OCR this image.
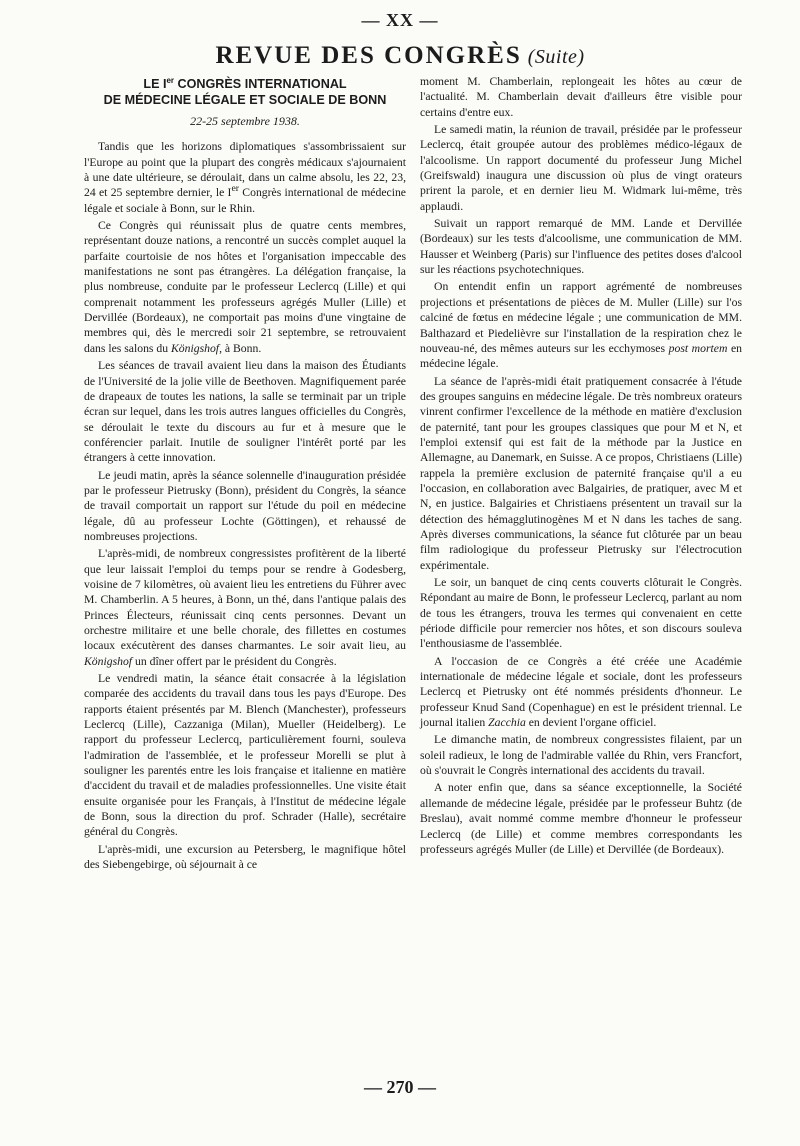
— XX —
REVUE DES CONGRÈS (Suite)
LE Ier CONGRÈS INTERNATIONAL
DE MÉDECINE LÉGALE ET SOCIALE DE BONN
22-25 septembre 1938.

Tandis que les horizons diplomatiques s'assombrissaient sur l'Europe au point que la plupart des congrès médicaux s'ajournaient à une date ultérieure, se déroulait, dans un calme absolu, les 22, 23, 24 et 25 septembre dernier, le Ier Congrès international de médecine légale et sociale à Bonn, sur le Rhin.

Ce Congrès qui réunissait plus de quatre cents membres, représentant douze nations, a rencontré un succès complet auquel la parfaite courtoisie de nos hôtes et l'organisation impeccable des manifestations ne sont pas étrangères. La délégation française, la plus nombreuse, conduite par le professeur Leclercq (Lille) et qui comprenait notamment les professeurs agrégés Muller (Lille) et Dervillée (Bordeaux), ne comportait pas moins d'une vingtaine de membres qui, dès le mercredi soir 21 septembre, se retrouvaient dans les salons du Königshof, à Bonn.

Les séances de travail avaient lieu dans la maison des Étudiants de l'Université de la jolie ville de Beethoven. Magnifiquement parée de drapeaux de toutes les nations, la salle se terminait par un triple écran sur lequel, dans les trois autres langues officielles du Congrès, se déroulait le texte du discours au fur et à mesure que le conférencier parlait. Inutile de souligner l'intérêt porté par les étrangers à cette innovation.

Le jeudi matin, après la séance solennelle d'inauguration présidée par le professeur Pietrusky (Bonn), président du Congrès, la séance de travail comportait un rapport sur l'étude du poil en médecine légale, dû au professeur Lochte (Göttingen), et rehaussé de nombreuses projections.

L'après-midi, de nombreux congressistes profitèrent de la liberté que leur laissait l'emploi du temps pour se rendre à Godesberg, voisine de 7 kilomètres, où avaient lieu les entretiens du Führer avec M. Chamberlin. A 5 heures, à Bonn, un thé, dans l'antique palais des Princes Électeurs, réunissait cinq cents personnes. Devant un orchestre militaire et une belle chorale, des fillettes en costumes locaux exécutèrent des danses charmantes. Le soir avait lieu, au Königshof un dîner offert par le président du Congrès.

Le vendredi matin, la séance était consacrée à la législation comparée des accidents du travail dans tous les pays d'Europe. Des rapports étaient présentés par M. Blench (Manchester), professeurs Leclercq (Lille), Cazzaniga (Milan), Mueller (Heidelberg). Le rapport du professeur Leclercq, particulièrement fourni, souleva l'admiration de l'assemblée, et le professeur Morelli se plut à souligner les parentés entre les lois française et italienne en matière d'accident du travail et de maladies professionnelles. Une visite était ensuite organisée pour les Français, à l'Institut de médecine légale de Bonn, sous la direction du prof. Schrader (Halle), secrétaire général du Congrès.

L'après-midi, une excursion au Petersberg, le magnifique hôtel des Siebengebirge, où séjournait à ce

moment M. Chamberlain, replongeait les hôtes au cœur de l'actualité. M. Chamberlain devait d'ailleurs être visible pour certains d'entre eux.

Le samedi matin, la réunion de travail, présidée par le professeur Leclercq, était groupée autour des problèmes médico-légaux de l'alcoolisme. Un rapport documenté du professeur Jung Michel (Greifswald) inaugura une discussion où plus de vingt orateurs prirent la parole, et en dernier lieu M. Widmark lui-même, très applaudi.

Suivait un rapport remarqué de MM. Lande et Dervillée (Bordeaux) sur les tests d'alcoolisme, une communication de MM. Hausser et Weinberg (Paris) sur l'influence des petites doses d'alcool sur les réactions psychotechniques.

On entendit enfin un rapport agrémenté de nombreuses projections et présentations de pièces de M. Muller (Lille) sur l'os calciné de fœtus en médecine légale ; une communication de MM. Balthazard et Piedelièvre sur l'installation de la respiration chez le nouveau-né, des mêmes auteurs sur les ecchymoses post mortem en médecine légale.

La séance de l'après-midi était pratiquement consacrée à l'étude des groupes sanguins en médecine légale. De très nombreux orateurs vinrent confirmer l'excellence de la méthode en matière d'exclusion de paternité, tant pour les groupes classiques que pour M et N, et l'emploi extensif qui est fait de la méthode par la Justice en Allemagne, au Danemark, en Suisse. A ce propos, Christiaens (Lille) rappela la première exclusion de paternité française qu'il a eu l'occasion, en collaboration avec Balgairies, de pratiquer, avec M et N, en justice. Balgairies et Christiaens présentent un travail sur la détection des hémagglutinogènes M et N dans les taches de sang. Après diverses communications, la séance fut clôturée par un beau film radiologique du professeur Pietrusky sur l'électrocution expérimentale.

Le soir, un banquet de cinq cents couverts clôturait le Congrès. Répondant au maire de Bonn, le professeur Leclercq, parlant au nom de tous les étrangers, trouva les termes qui convenaient en cette période difficile pour remercier nos hôtes, et son discours souleva l'enthousiasme de l'assemblée.

A l'occasion de ce Congrès a été créée une Académie internationale de médecine légale et sociale, dont les professeurs Leclercq et Pietrusky ont été nommés présidents d'honneur. Le professeur Knud Sand (Copenhague) en est le président triennal. Le journal italien Zacchia en devient l'organe officiel.

Le dimanche matin, de nombreux congressistes filaient, par un soleil radieux, le long de l'admirable vallée du Rhin, vers Francfort, où s'ouvrait le Congrès international des accidents du travail.

A noter enfin que, dans sa séance exceptionnelle, la Société allemande de médecine légale, présidée par le professeur Buhtz (de Breslau), avait nommé comme membre d'honneur le professeur Leclercq (de Lille) et comme membres correspondants les professeurs agrégés Muller (de Lille) et Dervillée (de Bordeaux).

— 270 —
